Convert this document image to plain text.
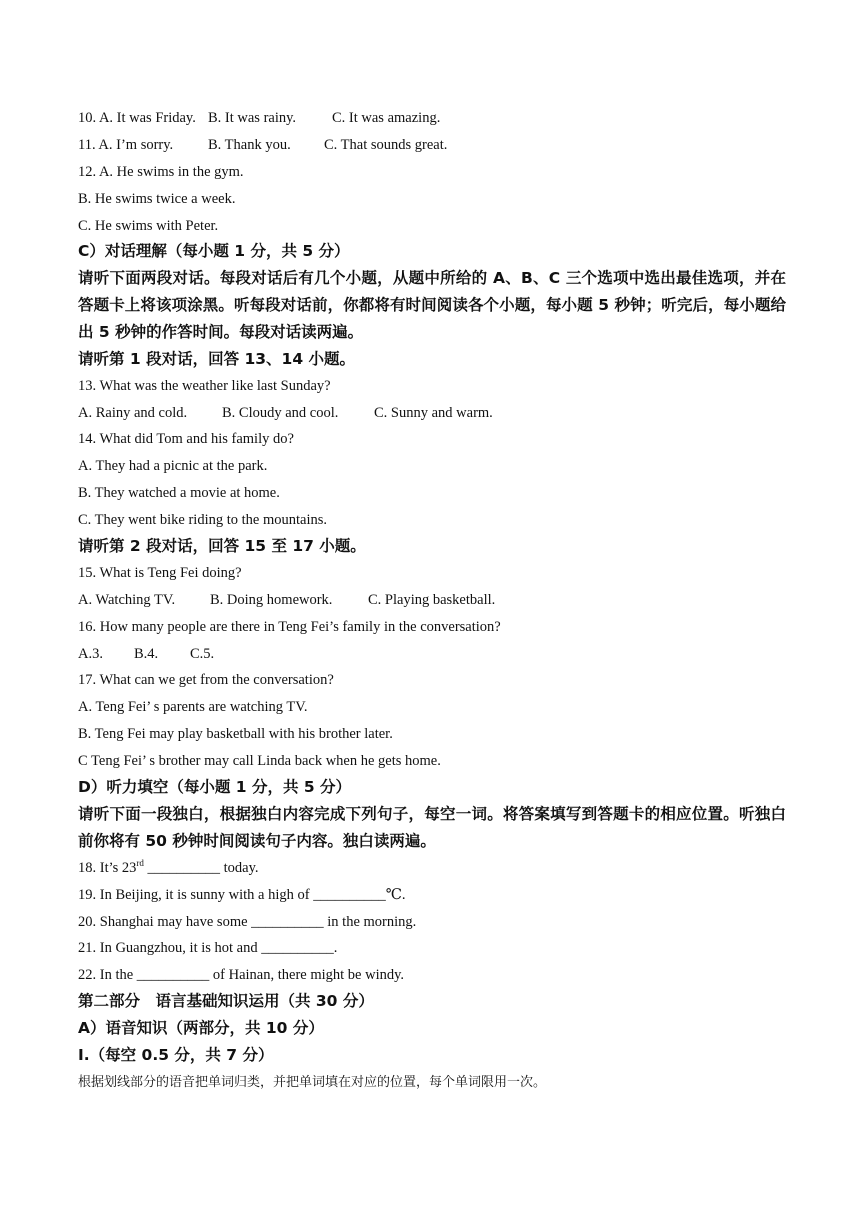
10. A. It was Friday. B. It was rainy. C. It was amazing.
11. A. I’m sorry. B. Thank you. C. That sounds great.
12. A. He swims in the gym.
B. He swims twice a week.
C. He swims with Peter.
C）对话理解（每小题 1 分，共 5 分）
请听下面两段对话。每段对话后有几个小题，从题中所给的 A、B、C 三个选项中选出最佳选项，并在答题卡上将该项涂黑。听每段对话前，你都将有时间阅读各个小题，每小题 5 秒钟；听完后，每小题给出 5 秒钟的作答时间。每段对话读两遍。
请听第 1 段对话，回答 13、14 小题。
13. What was the weather like last Sunday?
A. Rainy and cold. B. Cloudy and cool. C. Sunny and warm.
14. What did Tom and his family do?
A. They had a picnic at the park.
B. They watched a movie at home.
C. They went bike riding to the mountains.
请听第 2 段对话，回答 15 至 17 小题。
15. What is Teng Fei doing?
A. Watching TV. B. Doing homework. C. Playing basketball.
16. How many people are there in Teng Fei’s family in the conversation?
A.3. B.4. C.5.
17. What can we get from the conversation?
A. Teng Fei’ s parents are watching TV.
B. Teng Fei may play basketball with his brother later.
C Teng Fei’ s brother may call Linda back when he gets home.
D）听力填空（每小题 1 分，共 5 分）
请听下面一段独白，根据独白内容完成下列句子，每空一词。将答案填写到答题卡的相应位置。听独白前你将有 50 秒钟时间阅读句子内容。独白读两遍。
18. It’s 23rd __________ today.
19. In Beijing, it is sunny with a high of __________℃.
20. Shanghai may have some __________ in the morning.
21. In Guangzhou, it is hot and __________.
22. In the __________ of Hainan, there might be windy.
第二部分　语言基础知识运用（共 30 分）
A）语音知识（两部分，共 10 分）
Ⅰ.（每空 0.5 分，共 7 分）
根据划线部分的语音把单词归类，并把单词填在对应的位置，每个单词限用一次。
